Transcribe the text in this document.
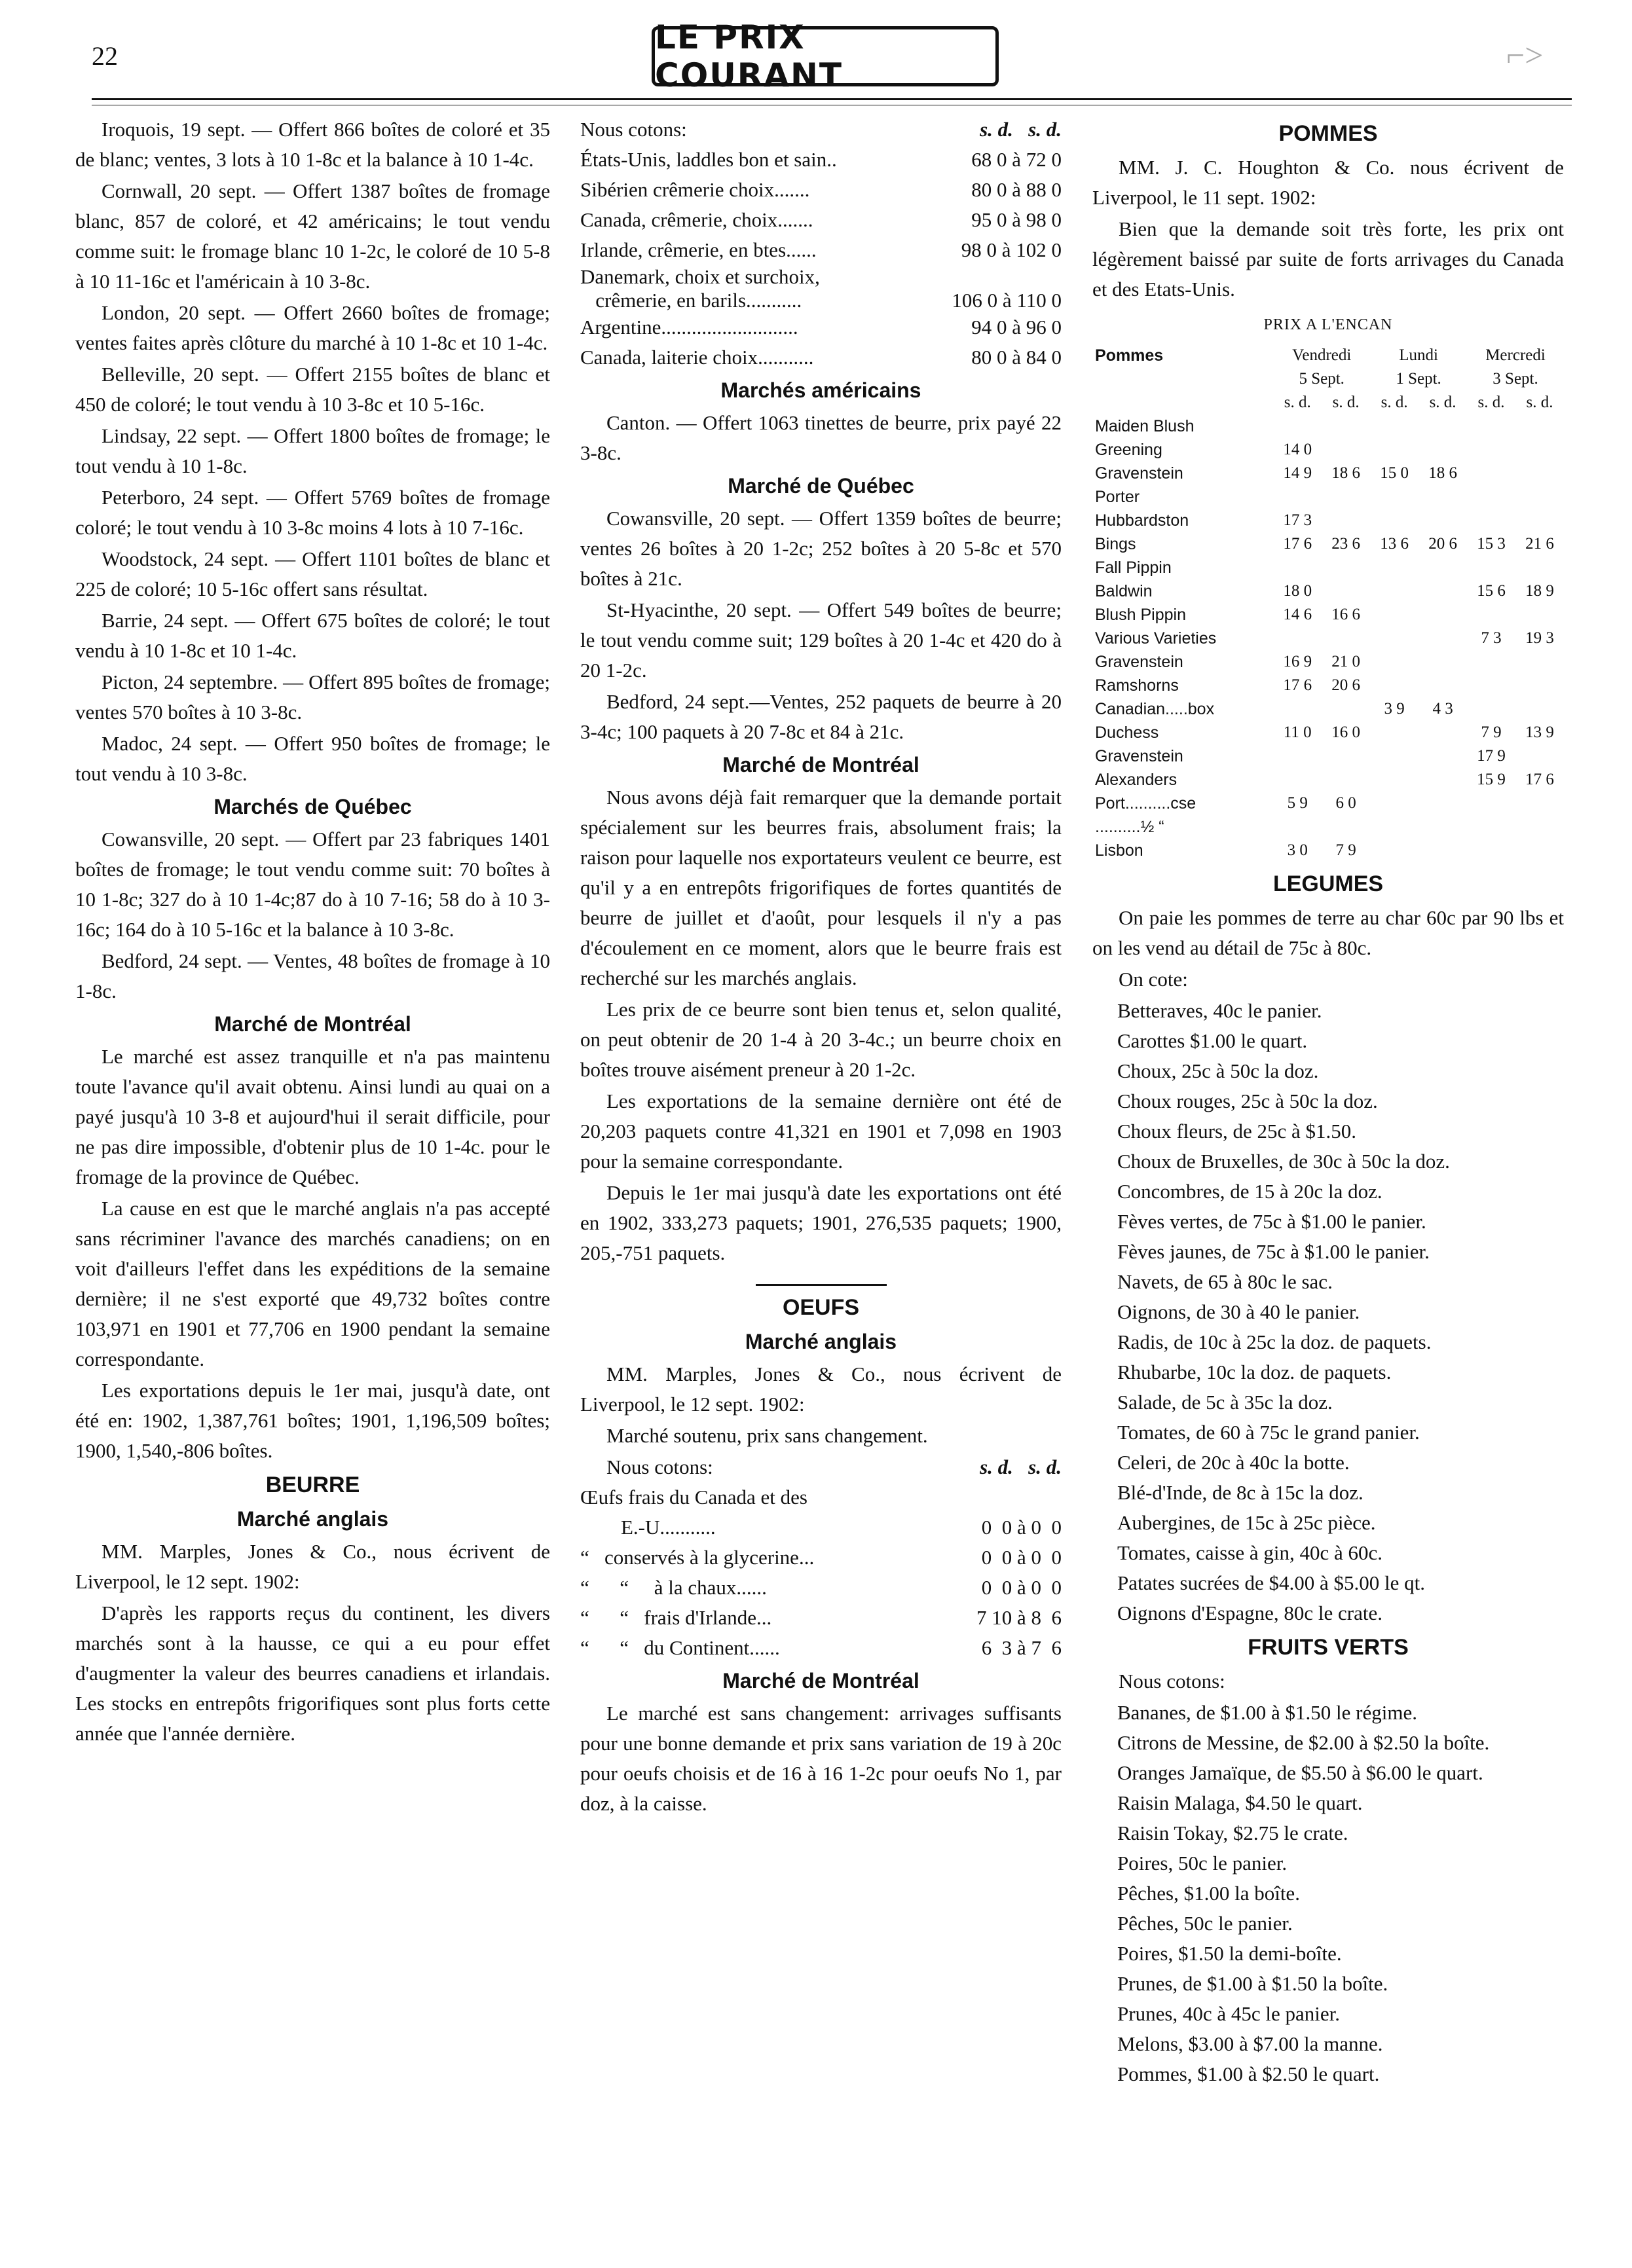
22	LE PRIX COURANT
⌐>

Iroquois, 19 sept. — Offert 866 boîtes de coloré et 35 de blanc; ventes, 3 lots à 10 1-8c et la balance à 10 1-4c.

Cornwall, 20 sept. — Offert 1387 boîtes de fromage blanc, 857 de coloré, et 42 américains; le tout vendu comme suit: le fromage blanc 10 1-2c, le coloré de 10 5-8 à 10 11-16c et l'américain à 10 3-8c.

London, 20 sept. — Offert 2660 boîtes de fromage; ventes faites après clôture du marché à 10 1-8c et 10 1-4c.

Belleville, 20 sept. — Offert 2155 boîtes de blanc et 450 de coloré; le tout vendu à 10 3-8c et 10 5-16c.

Lindsay, 22 sept. — Offert 1800 boîtes de fromage; le tout vendu à 10 1-8c.

Peterboro, 24 sept. — Offert 5769 boîtes de fromage coloré; le tout vendu à 10 3-8c moins 4 lots à 10 7-16c.

Woodstock, 24 sept. — Offert 1101 boîtes de blanc et 225 de coloré; 10 5-16c offert sans résultat.

Barrie, 24 sept. — Offert 675 boîtes de coloré; le tout vendu à 10 1-8c et 10 1-4c.

Picton, 24 septembre. — Offert 895 boîtes de fromage; ventes 570 boîtes à 10 3-8c.

Madoc, 24 sept. — Offert 950 boîtes de fromage; le tout vendu à 10 3-8c.

Marchés de Québec

Cowansville, 20 sept. — Offert par 23 fabriques 1401 boîtes de fromage; le tout vendu comme suit: 70 boîtes à 10 1-8c; 327 do à 10 1-4c;87 do à 10 7-16; 58 do à 10 3-16c; 164 do à 10 5-16c et la balance à 10 3-8c.

Bedford, 24 sept. — Ventes, 48 boîtes de fromage à 10 1-8c.

Marché de Montréal

Le marché est assez tranquille et n'a pas maintenu toute l'avance qu'il avait obtenu. Ainsi lundi au quai on a payé jusqu'à 10 3-8 et aujourd'hui il serait difficile, pour ne pas dire impossible, d'obtenir plus de 10 1-4c. pour le fromage de la province de Québec.

La cause en est que le marché anglais n'a pas accepté sans récriminer l'avance des marchés canadiens; on en voit d'ailleurs l'effet dans les expéditions de la semaine dernière; il ne s'est exporté que 49,732 boîtes contre 103,971 en 1901 et 77,706 en 1900 pendant la semaine correspondante.

Les exportations depuis le 1er mai, jusqu'à date, ont été en: 1902, 1,387,761 boîtes; 1901, 1,196,509 boîtes; 1900, 1,540,-806 boîtes.

BEURRE
Marché anglais

MM. Marples, Jones & Co., nous écrivent de Liverpool, le 12 sept. 1902:

D'après les rapports reçus du continent, les divers marchés sont à la hausse, ce qui a eu pour effet d'augmenter la valeur des beurres canadiens et irlandais. Les stocks en entrepôts frigorifiques sont plus forts cette année que l'année dernière.

Nous cotons:	s. d. s. d.
États-Unis, laddles bon et sain..	68 0 à 72 0
Sibérien crêmerie choix.......	80 0 à 88 0
Canada, crêmerie, choix.......	95 0 à 98 0
Irlande, crêmerie, en btes......	98 0 à 102 0
Danemark, choix et surchoix,
crêmerie, en barils...........	106 0 à 110 0
Argentine...........................	94 0 à 96 0
Canada, laiterie choix...........	80 0 à 84 0
Marchés américains

Canton. — Offert 1063 tinettes de beurre, prix payé 22 3-8c.

Marché de Québec

Cowansville, 20 sept. — Offert 1359 boîtes de beurre; ventes 26 boîtes à 20 1-2c; 252 boîtes à 20 5-8c et 570 boîtes à 21c.

St-Hyacinthe, 20 sept. — Offert 549 boîtes de beurre; le tout vendu comme suit; 129 boîtes à 20 1-4c et 420 do à 20 1-2c.

Bedford, 24 sept.—Ventes, 252 paquets de beurre à 20 3-4c; 100 paquets à 20 7-8c et 84 à 21c.

Marché de Montréal

Nous avons déjà fait remarquer que la demande portait spécialement sur les beurres frais, absolument frais; la raison pour laquelle nos exportateurs veulent ce beurre, est qu'il y a en entrepôts frigorifiques de fortes quantités de beurre de juillet et d'août, pour lesquels il n'y a pas d'écoulement en ce moment, alors que le beurre frais est recherché sur les marchés anglais.

Les prix de ce beurre sont bien tenus et, selon qualité, on peut obtenir de 20 1-4 à 20 3-4c.; un beurre choix en boîtes trouve aisément preneur à 20 1-2c.

Les exportations de la semaine dernière ont été de 20,203 paquets contre 41,321 en 1901 et 7,098 en 1903 pour la semaine correspondante.

Depuis le 1er mai jusqu'à date les exportations ont été en 1902, 333,273 paquets; 1901, 276,535 paquets; 1900, 205,-751 paquets.

OEUFS
Marché anglais

MM. Marples, Jones & Co., nous écrivent de Liverpool, le 12 sept. 1902:

Marché soutenu, prix sans changement.

Nous cotons:	s. d. s. d.
Œufs frais du Canada et des
E.-U...........	0  0 à 0  0
“   conservés à la glycerine...	0  0 à 0  0
“      “     à la chaux......	0  0 à 0  0
“      “   frais d'Irlande...	7 10 à 8  6
“      “   du Continent......	6  3 à 7  6
Marché de Montréal

Le marché est sans changement: arrivages suffisants pour une bonne demande et prix sans variation de 19 à 20c pour oeufs choisis et de 16 à 16 1-2c pour oeufs No 1, par doz, à la caisse.

POMMES

MM. J. C. Houghton & Co. nous écrivent de Liverpool, le 11 sept. 1902:

Bien que la demande soit très forte, les prix ont légèrement baissé par suite de forts arrivages du Canada et des Etats-Unis.

PRIX A L'ENCAN
Pommes	Vendredi		Lundi		Mercredi	
	5 Sept.		1 Sept.		3 Sept.	
	s. d.	s. d.	s. d.	s. d.	s. d.	s. d.
Maiden Blush						
Greening	14 0					
Gravenstein	14 9	18 6	15 0	18 6		
Porter						
Hubbardston	17 3					
Bings	17 6	23 6	13 6	20 6	15 3	21 6
Fall Pippin						
Baldwin	18 0				15 6	18 9
Blush Pippin	14 6	16 6				
Various Varieties					7 3	19 3
Gravenstein	16 9	21 0				
Ramshorns	17 6	20 6				
Canadian.....box			3 9	4 3		
Duchess	11 0	16 0			7 9	13 9
Gravenstein					17 9	
Alexanders					15 9	17 6
Port..........cse	5 9	6 0				
..........½ “						
Lisbon	3 0	7 9				
LEGUMES

On paie les pommes de terre au char 60c par 90 lbs et on les vend au détail de 75c à 80c.

On cote:

Betteraves, 40c le panier.

Carottes $1.00 le quart.

Choux, 25c à 50c la doz.

Choux rouges, 25c à 50c la doz.

Choux fleurs, de 25c à $1.50.

Choux de Bruxelles, de 30c à 50c la doz.

Concombres, de 15 à 20c la doz.

Fèves vertes, de 75c à $1.00 le panier.

Fèves jaunes, de 75c à $1.00 le panier.

Navets, de 65 à 80c le sac.

Oignons, de 30 à 40 le panier.

Radis, de 10c à 25c la doz. de paquets.

Rhubarbe, 10c la doz. de paquets.

Salade, de 5c à 35c la doz.

Tomates, de 60 à 75c le grand panier.

Celeri, de 20c à 40c la botte.

Blé-d'Inde, de 8c à 15c la doz.

Aubergines, de 15c à 25c pièce.

Tomates, caisse à gin, 40c à 60c.

Patates sucrées de $4.00 à $5.00 le qt.

Oignons d'Espagne, 80c le crate.

FRUITS VERTS

Nous cotons:

Bananes, de $1.00 à $1.50 le régime.

Citrons de Messine, de $2.00 à $2.50 la boîte.

Oranges Jamaïque, de $5.50 à $6.00 le quart.

Raisin Malaga, $4.50 le quart.

Raisin Tokay, $2.75 le crate.

Poires, 50c le panier.

Pêches, $1.00 la boîte.

Pêches, 50c le panier.

Poires, $1.50 la demi-boîte.

Prunes, de $1.00 à $1.50 la boîte.

Prunes, 40c à 45c le panier.

Melons, $3.00 à $7.00 la manne.

Pommes, $1.00 à $2.50 le quart.
